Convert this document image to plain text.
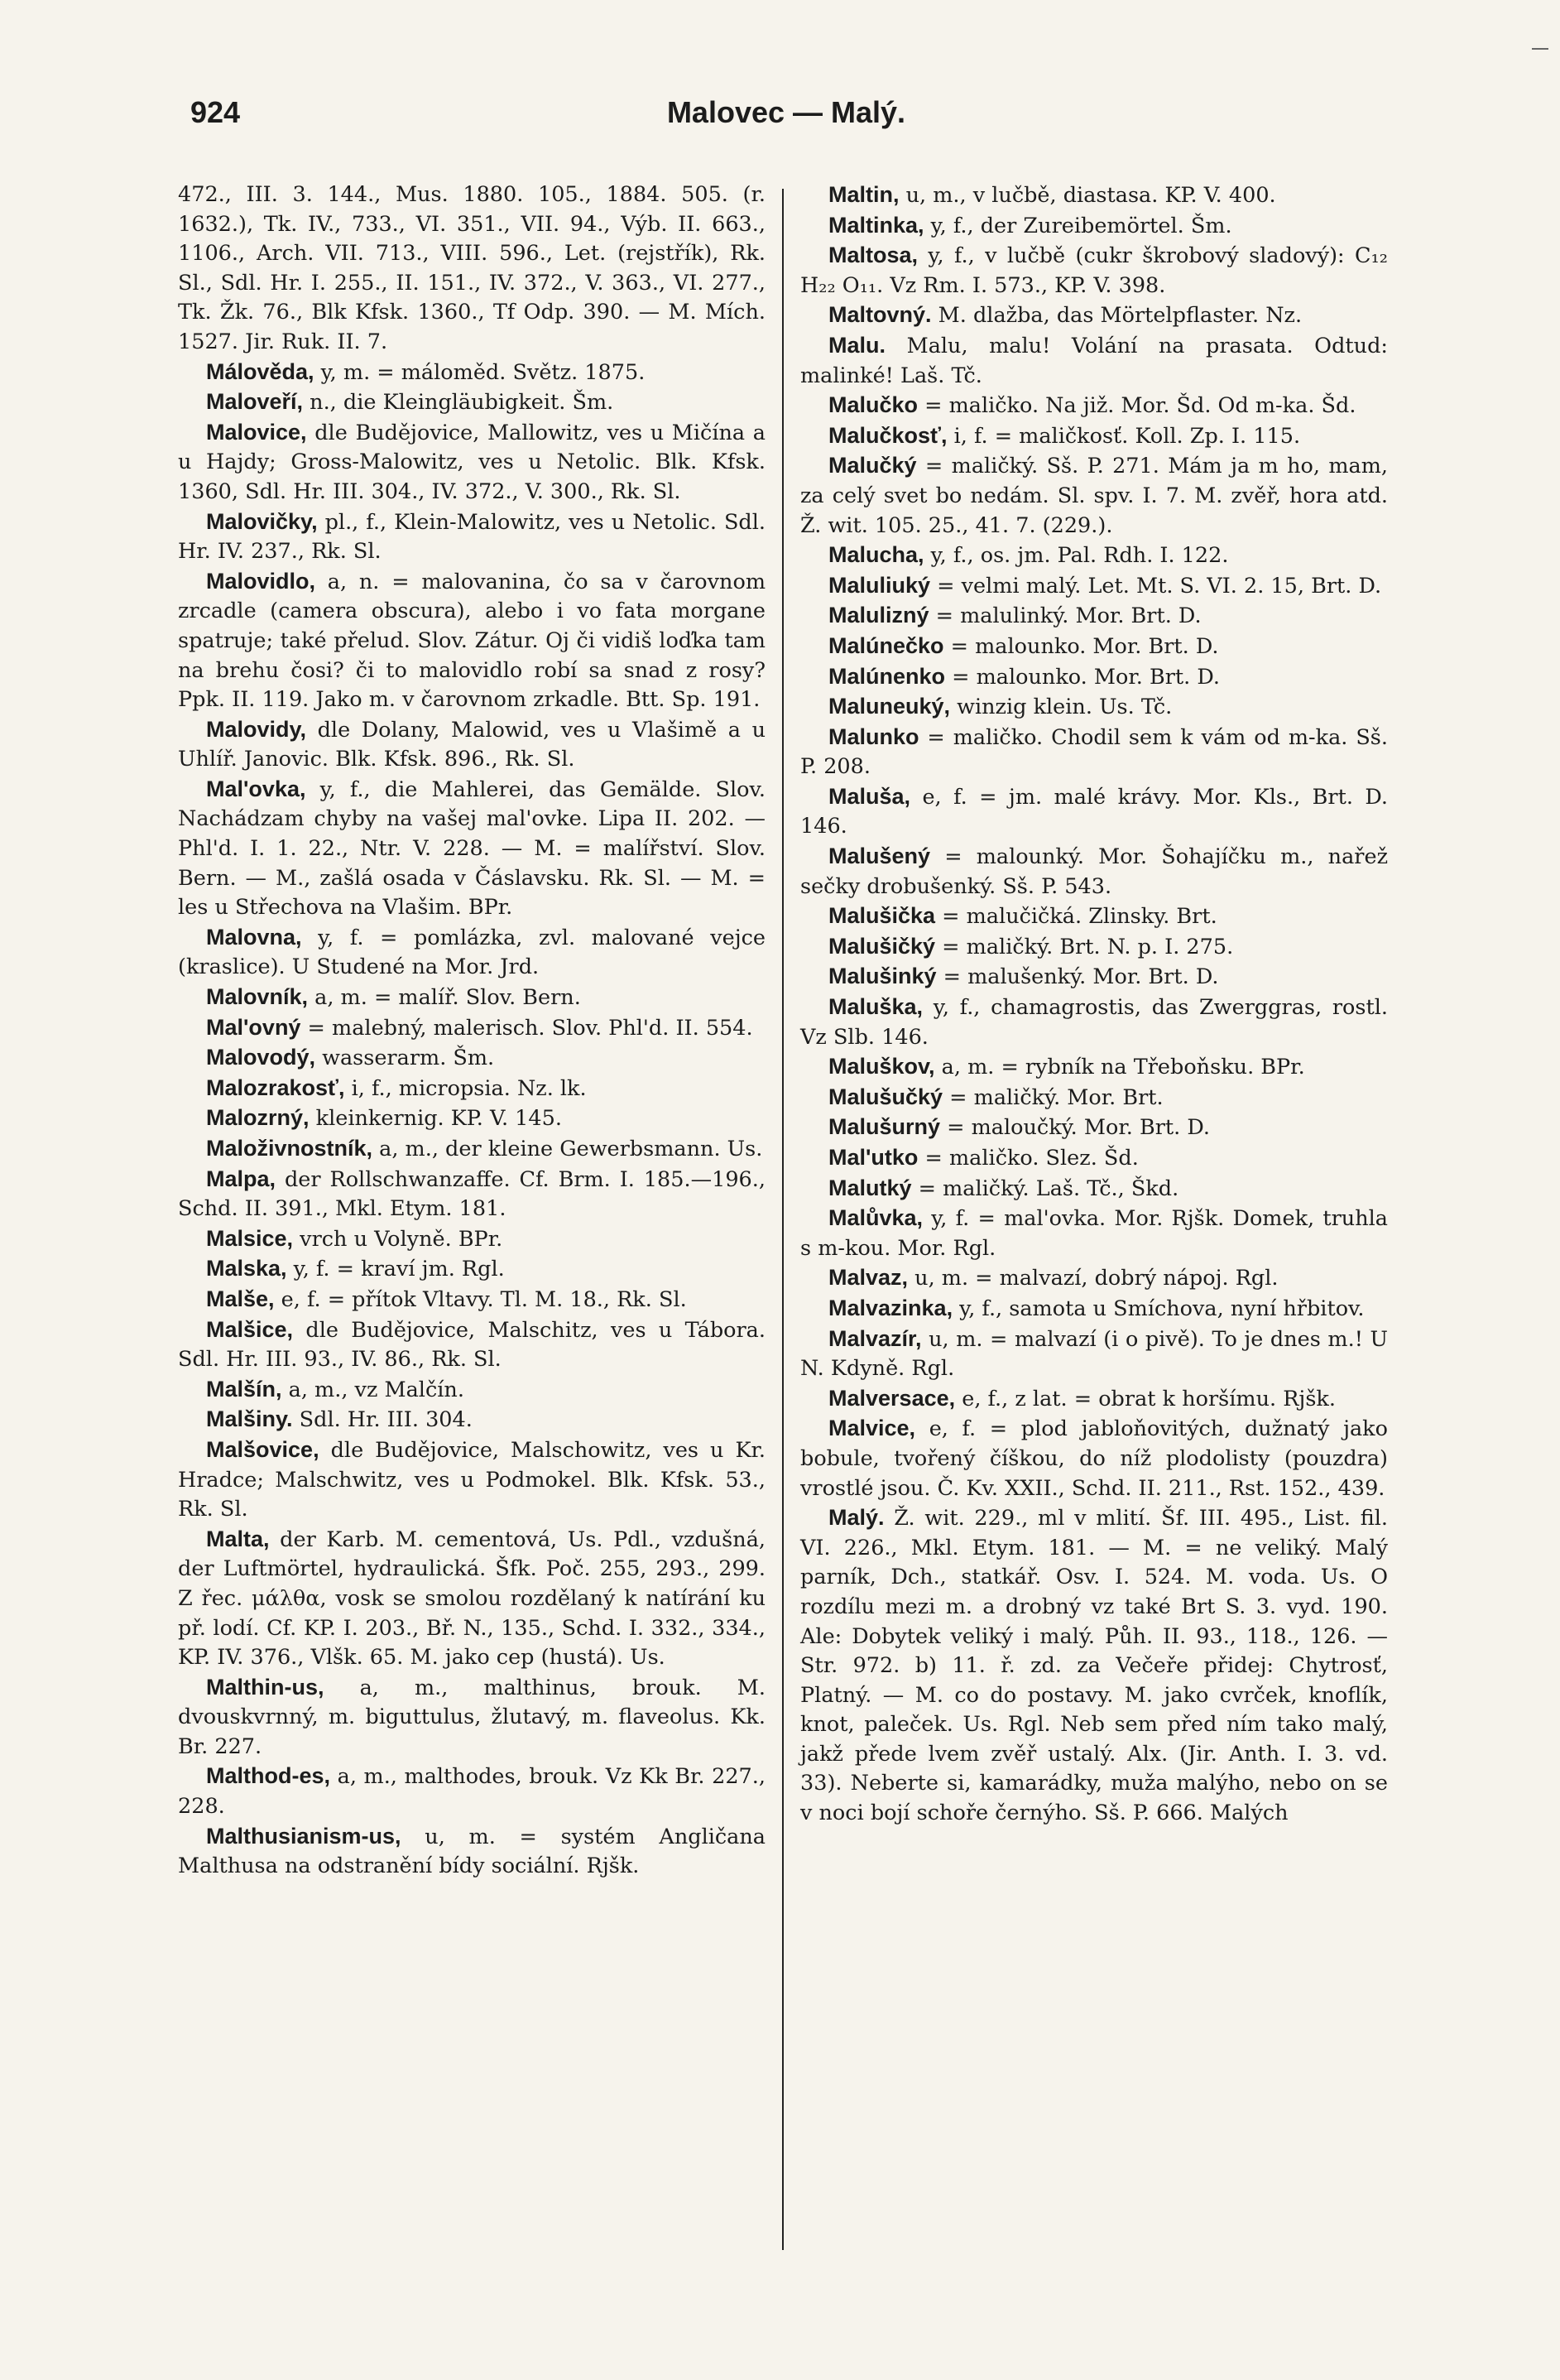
924	Malovec — Malý.

472., III. 3. 144., Mus. 1880. 105., 1884. 505. (r. 1632.), Tk. IV., 733., VI. 351., VII. 94., Výb. II. 663., 1106., Arch. VII. 713., VIII. 596., Let. (rejstřík), Rk. Sl., Sdl. Hr. I. 255., II. 151., IV. 372., V. 363., VI. 277., Tk. Žk. 76., Blk Kfsk. 1360., Tf Odp. 390. — M. Mích. 1527. Jir. Ruk. II. 7.

Málověda, y, m. = máloměd. Světz. 1875.

Maloveří, n., die Kleingläubigkeit. Šm.

Malovice, dle Budějovice, Mallowitz, ves u Mičína a u Hajdy; Gross-Malowitz, ves u Netolic. Blk. Kfsk. 1360, Sdl. Hr. III. 304., IV. 372., V. 300., Rk. Sl.

Malovičky, pl., f., Klein-Malowitz, ves u Netolic. Sdl. Hr. IV. 237., Rk. Sl.

Malovidlo, a, n. = malovanina, čo sa v čarovnom zrcadle (camera obscura), alebo i vo fata morgane spatruje; také přelud. Slov. Zátur. Oj či vidiš loďka tam na brehu čosi? či to malovidlo robí sa snad z rosy? Ppk. II. 119. Jako m. v čarovnom zrkadle. Btt. Sp. 191.

Malovidy, dle Dolany, Malowid, ves u Vlašimě a u Uhlíř. Janovic. Blk. Kfsk. 896., Rk. Sl.

Mal'ovka, y, f., die Mahlerei, das Gemälde. Slov. Nachádzam chyby na vašej mal'ovke. Lipa II. 202. — Phl'd. I. 1. 22., Ntr. V. 228. — M. = malířství. Slov. Bern. — M., zašlá osada v Čáslavsku. Rk. Sl. — M. = les u Střechova na Vlašim. BPr.

Malovna, y, f. = pomlázka, zvl. malované vejce (kraslice). U Studené na Mor. Jrd.

Malovník, a, m. = malíř. Slov. Bern.

Mal'ovný = malebný, malerisch. Slov. Phl'd. II. 554.

Malovodý, wasserarm. Šm.

Malozrakosť, i, f., micropsia. Nz. lk.

Malozrný, kleinkernig. KP. V. 145.

Maloživnostník, a, m., der kleine Gewerbsmann. Us.

Malpa, der Rollschwanzaffe. Cf. Brm. I. 185.—196., Schd. II. 391., Mkl. Etym. 181.

Malsice, vrch u Volyně. BPr.

Malska, y, f. = kraví jm. Rgl.

Malše, e, f. = přítok Vltavy. Tl. M. 18., Rk. Sl.

Malšice, dle Budějovice, Malschitz, ves u Tábora. Sdl. Hr. III. 93., IV. 86., Rk. Sl.

Malšín, a, m., vz Malčín.

Malšiny. Sdl. Hr. III. 304.

Malšovice, dle Budějovice, Malschowitz, ves u Kr. Hradce; Malschwitz, ves u Podmokel. Blk. Kfsk. 53., Rk. Sl.

Malta, der Karb. M. cementová, Us. Pdl., vzdušná, der Luftmörtel, hydraulická. Šfk. Poč. 255, 293., 299. Z řec. μάλθα, vosk se smolou rozdělaný k natírání ku př. lodí. Cf. KP. I. 203., Bř. N., 135., Schd. I. 332., 334., KP. IV. 376., Vlšk. 65. M. jako cep (hustá). Us.

Malthin-us, a, m., malthinus, brouk. M. dvouskvrnný, m. biguttulus, žlutavý, m. flaveolus. Kk. Br. 227.

Malthod-es, a, m., malthodes, brouk. Vz Kk Br. 227., 228.

Malthusianism-us, u, m. = systém Angličana Malthusa na odstranění bídy sociální. Rjšk.

Maltin, u, m., v lučbě, diastasa. KP. V. 400.

Maltinka, y, f., der Zureibemörtel. Šm.

Maltosa, y, f., v lučbě (cukr škrobový sladový): C₁₂ H₂₂ O₁₁. Vz Rm. I. 573., KP. V. 398.

Maltovný. M. dlažba, das Mörtelpflaster. Nz.

Malu. Malu, malu! Volání na prasata. Odtud: malinké! Laš. Tč.

Malučko = maličko. Na již. Mor. Šd. Od m-ka. Šd.

Malučkosť, i, f. = maličkosť. Koll. Zp. I. 115.

Malučký = maličký. Sš. P. 271. Mám ja m ho, mam, za celý svet bo nedám. Sl. spv. I. 7. M. zvěř, hora atd. Ž. wit. 105. 25., 41. 7. (229.).

Malucha, y, f., os. jm. Pal. Rdh. I. 122.

Maluliuký = velmi malý. Let. Mt. S. VI. 2. 15, Brt. D.

Malulizný = malulinký. Mor. Brt. D.

Malúnečko = malounko. Mor. Brt. D.

Malúnenko = malounko. Mor. Brt. D.

Maluneuký, winzig klein. Us. Tč.

Malunko = maličko. Chodil sem k vám od m-ka. Sš. P. 208.

Maluša, e, f. = jm. malé krávy. Mor. Kls., Brt. D. 146.

Malušený = malounký. Mor. Šohajíčku m., nařež sečky drobušenký. Sš. P. 543.

Malušička = malučičká. Zlinsky. Brt.

Malušičký = maličký. Brt. N. p. I. 275.

Malušinký = malušenký. Mor. Brt. D.

Maluška, y, f., chamagrostis, das Zwerggras, rostl. Vz Slb. 146.

Maluškov, a, m. = rybník na Třeboňsku. BPr.

Malušučký = maličký. Mor. Brt.

Malušurný = maloučký. Mor. Brt. D.

Mal'utko = maličko. Slez. Šd.

Malutký = maličký. Laš. Tč., Škd.

Malůvka, y, f. = mal'ovka. Mor. Rjšk. Domek, truhla s m-kou. Mor. Rgl.

Malvaz, u, m. = malvazí, dobrý nápoj. Rgl.

Malvazinka, y, f., samota u Smíchova, nyní hřbitov.

Malvazír, u, m. = malvazí (i o pivě). To je dnes m.! U N. Kdyně. Rgl.

Malversace, e, f., z lat. = obrat k horšímu. Rjšk.

Malvice, e, f. = plod jabloňovitých, dužnatý jako bobule, tvořený číškou, do níž plodolisty (pouzdra) vrostlé jsou. Č. Kv. XXII., Schd. II. 211., Rst. 152., 439.

Malý. Ž. wit. 229., ml v mlití. Šf. III. 495., List. fil. VI. 226., Mkl. Etym. 181. — M. = ne veliký. Malý parník, Dch., statkář. Osv. I. 524. M. voda. Us. O rozdílu mezi m. a drobný vz také Brt S. 3. vyd. 190. Ale: Dobytek veliký i malý. Půh. II. 93., 118., 126. — Str. 972. b) 11. ř. zd. za Večeře přidej: Chytrosť, Platný. — M. co do postavy. M. jako cvrček, knoflík, knot, palеček. Us. Rgl. Neb sem před ním tako malý, jakž přede lvem zvěř ustalý. Alx. (Jir. Anth. I. 3. vd. 33). Neberte si, kamarádky, muža malýho, nebo on se v noci bojí schoře černýho. Sš. P. 666. Malých
